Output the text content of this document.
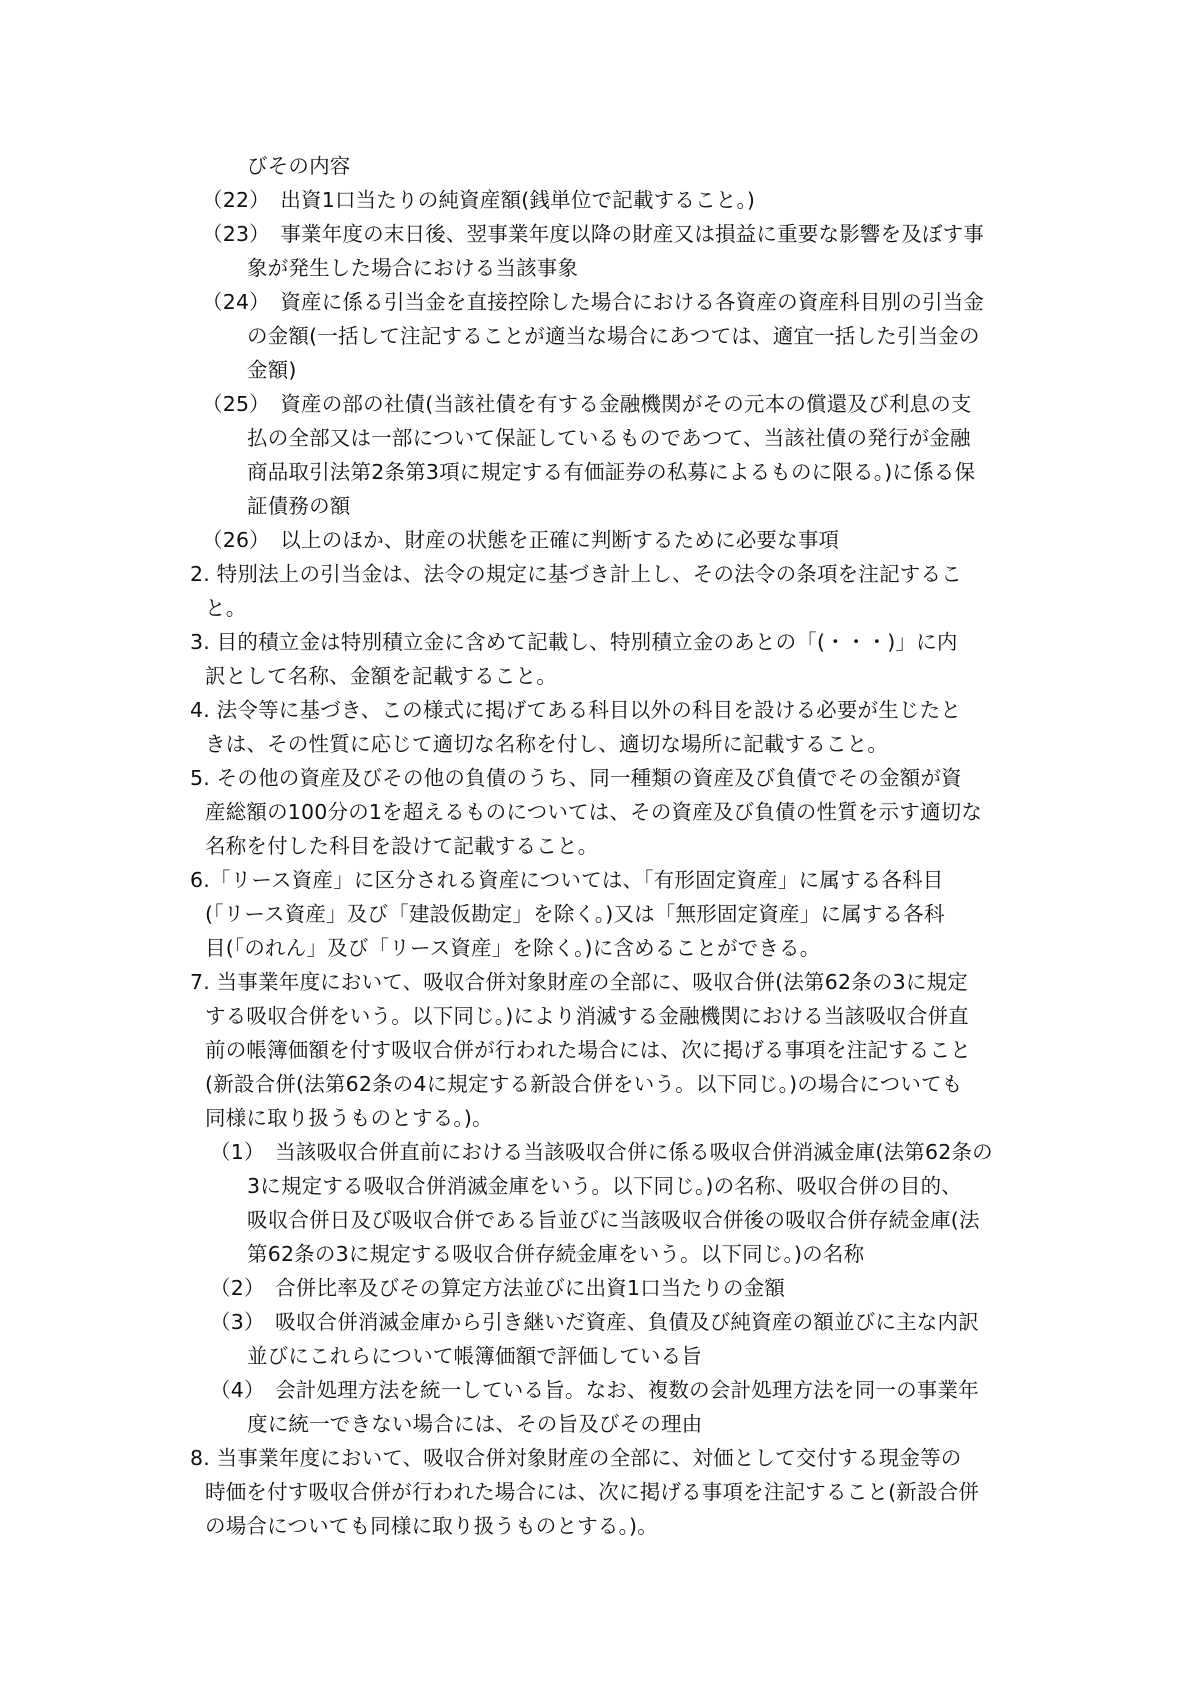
びその内容
（22）　出資1口当たりの純資産額(銭単位で記載すること。)
（23）　事業年度の末日後、翌事業年度以降の財産又は損益に重要な影響を及ぼす事
象が発生した場合における当該事象
（24）　資産に係る引当金を直接控除した場合における各資産の資産科目別の引当金
の金額(一括して注記することが適当な場合にあつては、適宜一括した引当金の
金額)
（25）　資産の部の社債(当該社債を有する金融機関がその元本の償還及び利息の支
払の全部又は一部について保証しているものであつて、当該社債の発行が金融
商品取引法第2条第3項に規定する有価証券の私募によるものに限る。)に係る保
証債務の額
（26）　以上のほか、財産の状態を正確に判断するために必要な事項
2. 特別法上の引当金は、法令の規定に基づき計上し、その法令の条項を注記するこ
と。
3. 目的積立金は特別積立金に含めて記載し、特別積立金のあとの「(・・・)」に内
訳として名称、金額を記載すること。
4. 法令等に基づき、この様式に掲げてある科目以外の科目を設ける必要が生じたと
きは、その性質に応じて適切な名称を付し、適切な場所に記載すること。
5. その他の資産及びその他の負債のうち、同一種類の資産及び負債でその金額が資
産総額の100分の1を超えるものについては、その資産及び負債の性質を示す適切な
名称を付した科目を設けて記載すること。
6.「リース資産」に区分される資産については、「有形固定資産」に属する各科目
(「リース資産」及び「建設仮勘定」を除く。)又は「無形固定資産」に属する各科
目(「のれん」及び「リース資産」を除く。)に含めることができる。
7. 当事業年度において、吸収合併対象財産の全部に、吸収合併(法第62条の3に規定
する吸収合併をいう。以下同じ。)により消滅する金融機関における当該吸収合併直
前の帳簿価額を付す吸収合併が行われた場合には、次に掲げる事項を注記すること
(新設合併(法第62条の4に規定する新設合併をいう。以下同じ。)の場合についても
同様に取り扱うものとする。)。
（1）　当該吸収合併直前における当該吸収合併に係る吸収合併消滅金庫(法第62条の
3に規定する吸収合併消滅金庫をいう。以下同じ。)の名称、吸収合併の目的、
吸収合併日及び吸収合併である旨並びに当該吸収合併後の吸収合併存続金庫(法
第62条の3に規定する吸収合併存続金庫をいう。以下同じ。)の名称
（2）　合併比率及びその算定方法並びに出資1口当たりの金額
（3）　吸収合併消滅金庫から引き継いだ資産、負債及び純資産の額並びに主な内訳
並びにこれらについて帳簿価額で評価している旨
（4）　会計処理方法を統一している旨。なお、複数の会計処理方法を同一の事業年
度に統一できない場合には、その旨及びその理由
8. 当事業年度において、吸収合併対象財産の全部に、対価として交付する現金等の
時価を付す吸収合併が行われた場合には、次に掲げる事項を注記すること(新設合併
の場合についても同様に取り扱うものとする。)。
